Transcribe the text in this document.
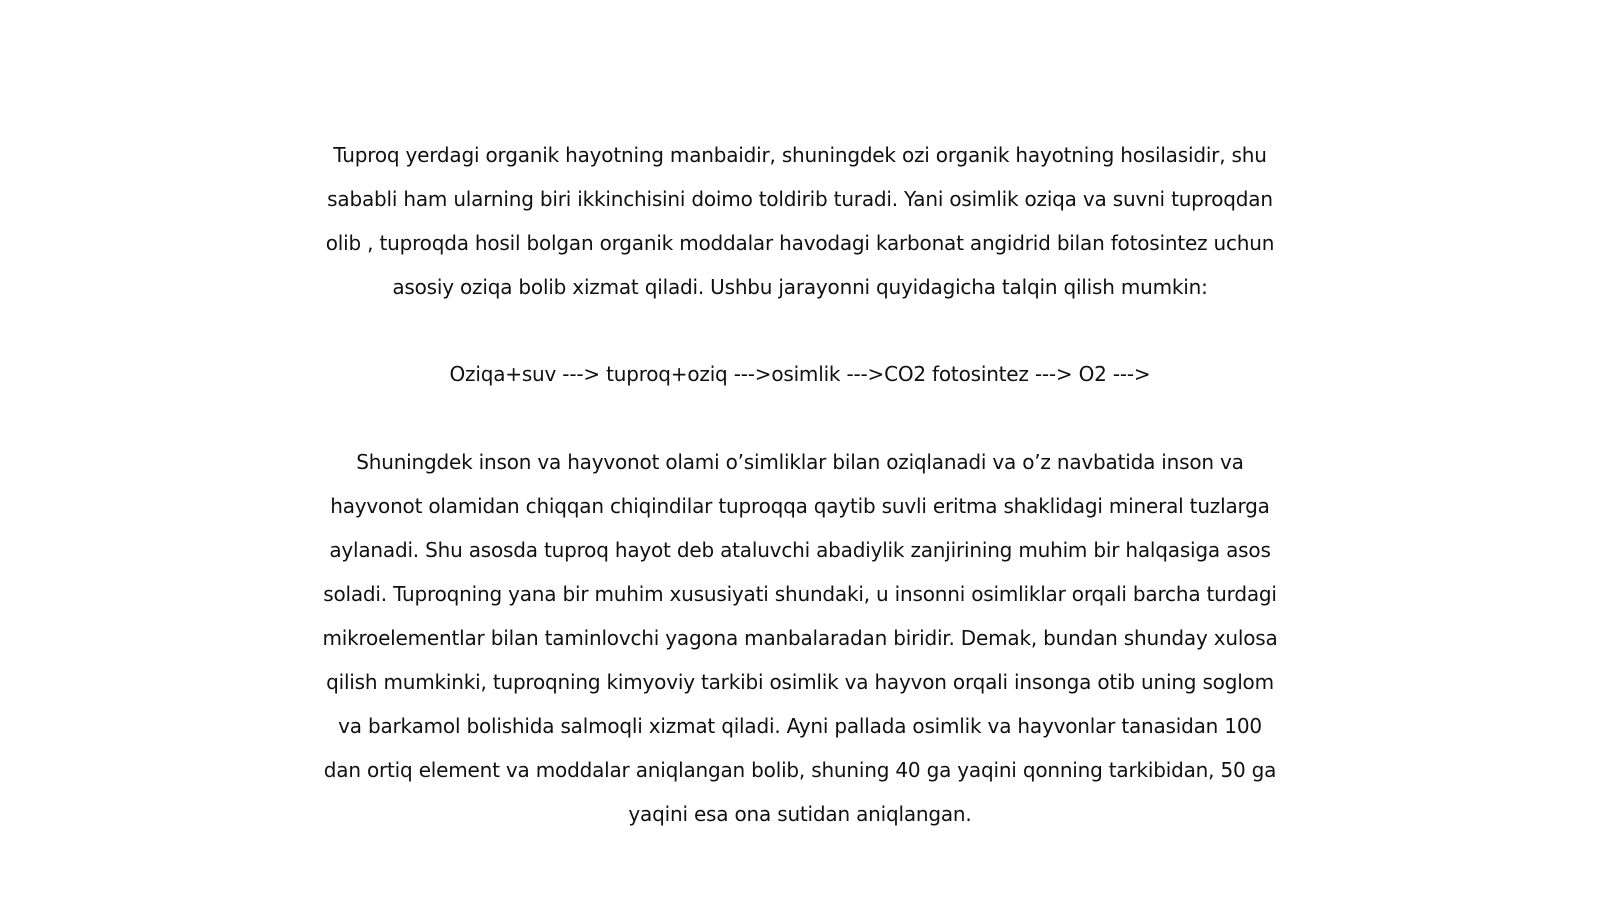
Tuproq yerdagi organik hayotning manbaidir, shuningdek ozi organik hayotning hosilasidir, shu
sababli ham ularning biri ikkinchisini doimo toldirib turadi. Yani osimlik oziqa va suvni tuproqdan
olib , tuproqda hosil bolgan organik moddalar havodagi karbonat angidrid bilan fotosintez uchun
asosiy oziqa bolib xizmat qiladi. Ushbu jarayonni quyidagicha talqin qilish mumkin:
Oziqa+suv ---> tuproq+oziq --->osimlik --->CO2 fotosintez ---> O2 --->
Shuningdek inson va hayvonot olami o’simliklar bilan oziqlanadi va o’z navbatida inson va
hayvonot olamidan chiqqan chiqindilar tuproqqa qaytib suvli eritma shaklidagi mineral tuzlarga
aylanadi. Shu asosda tuproq hayot deb ataluvchi abadiylik zanjirining muhim bir halqasiga asos
soladi. Tuproqning yana bir muhim xususiyati shundaki, u insonni osimliklar orqali barcha turdagi
mikroelementlar bilan taminlovchi yagona manbalaradan biridir. Demak, bundan shunday xulosa
qilish mumkinki, tuproqning kimyoviy tarkibi osimlik va hayvon orqali insonga otib uning soglom
va barkamol bolishida salmoqli xizmat qiladi. Ayni pallada osimlik va hayvonlar tanasidan 100
dan ortiq element va moddalar aniqlangan bolib, shuning 40 ga yaqini qonning tarkibidan, 50 ga
yaqini esa ona sutidan aniqlangan.
